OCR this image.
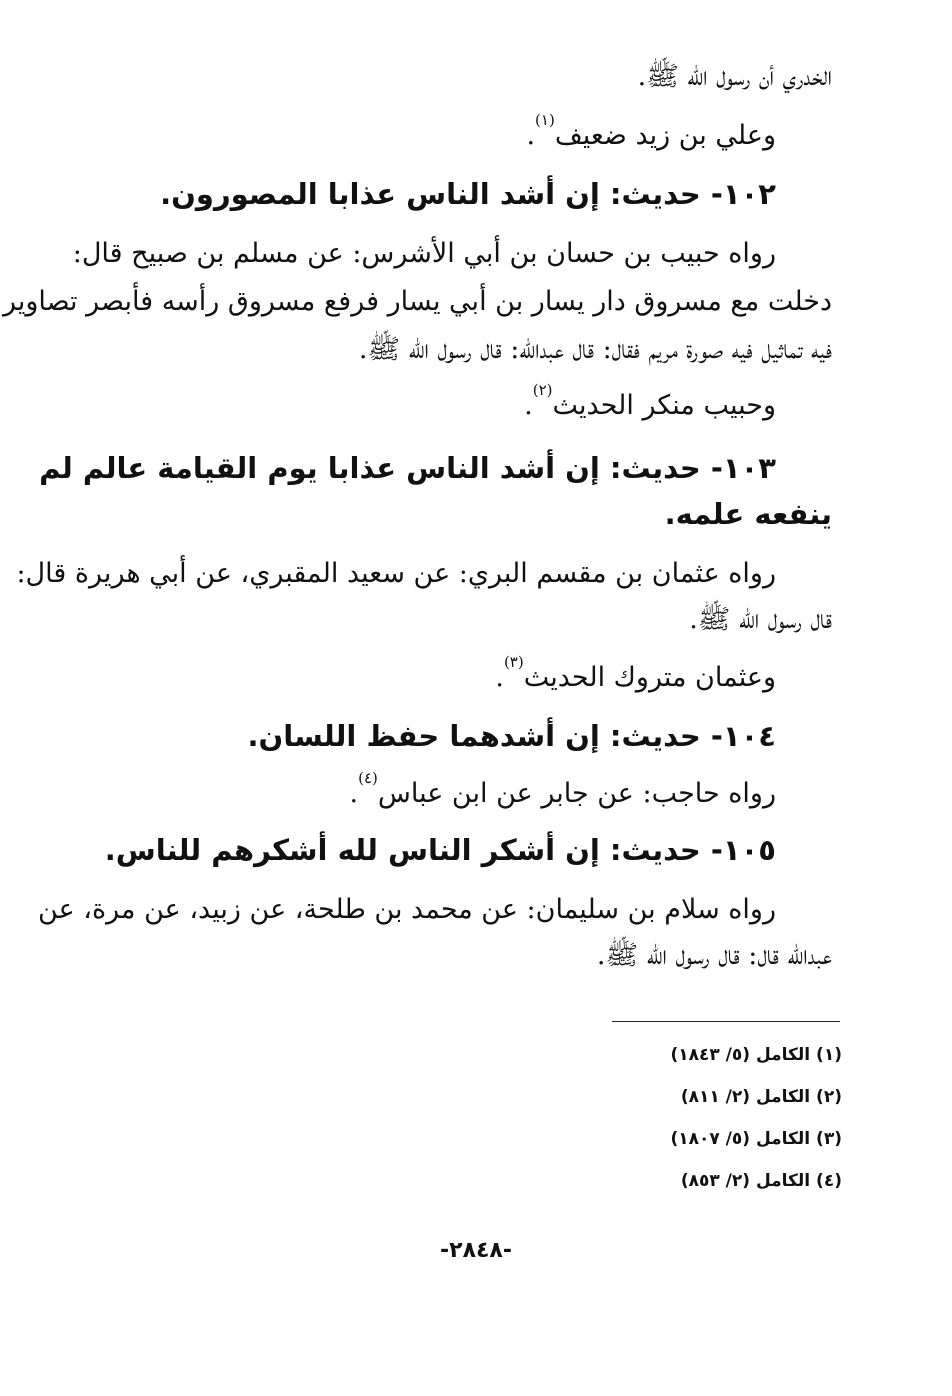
الخدري أن رسول الله ﷺ.
وعلي بن زيد ضعيف$^{(١)}$.
١٠٢- حديث: إن أشد الناس عذابا المصورون.
رواه حبيب بن حسان بن أبي الأشرس: عن مسلم بن صبيح قال:
دخلت مع مسروق دار يسار بن أبي يسار فرفع مسروق رأسه فأبصر تصاوير
فيه تماثيل فيه صورة مريم فقال: قال عبدالله: قال رسول الله ﷺ.
وحبيب منكر الحديث$^{(٢)}$.
١٠٣- حديث: إن أشد الناس عذابا يوم القيامة عالم لم
ينفعه علمه.
رواه عثمان بن مقسم البري: عن سعيد المقبري، عن أبي هريرة قال:
قال رسول الله ﷺ.
وعثمان متروك الحديث$^{(٣)}$.
١٠٤- حديث: إن أشدهما حفظ اللسان.
رواه حاجب: عن جابر عن ابن عباس$^{(٤)}$.
١٠٥- حديث: إن أشكر الناس لله أشكرهم للناس.
رواه سلام بن سليمان: عن محمد بن طلحة، عن زبيد، عن مرة، عن
عبدالله قال: قال رسول الله ﷺ.
(١) الكامل (٥/ ١٨٤٣)
(٢) الكامل (٢/ ٨١١)
(٣) الكامل (٥/ ١٨٠٧)
(٤) الكامل (٢/ ٨٥٣)
-٢٨٤٨-
